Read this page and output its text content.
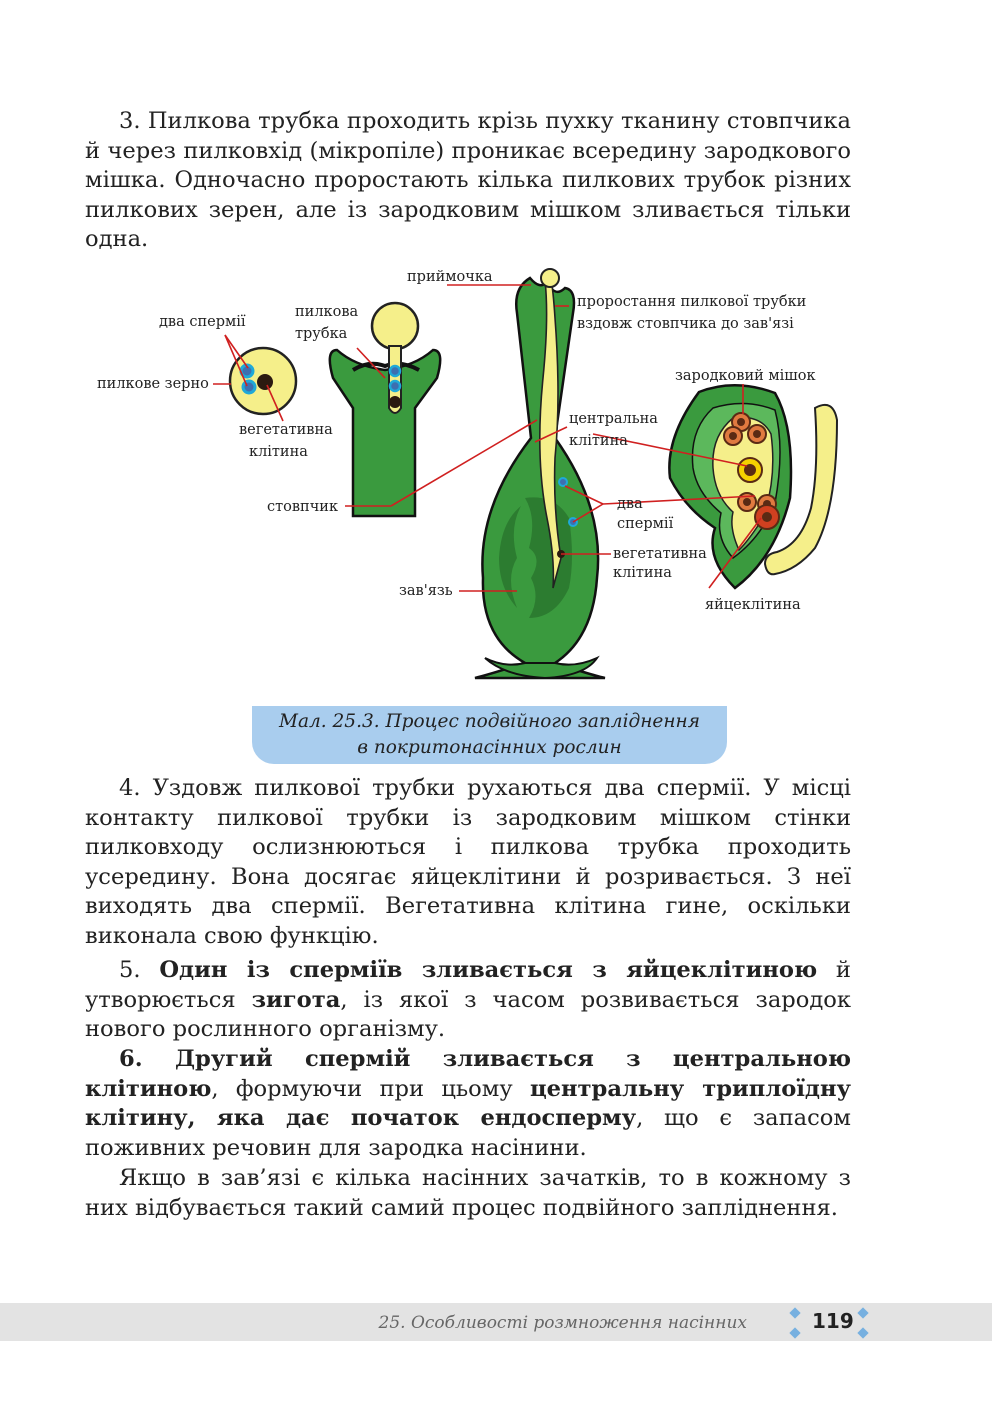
3. Пилкова трубка проходить крізь пухку тканину стовпчика й через пилковхід (мікропіле) проникає всередину зародкового мішка. Одночасно проростають кілька пилкових трубок різних пилкових зерен, але із зародковим мішком зливається тільки одна.

приймочка
проростання пилкової трубки
вздовж стовпчика до зав'язі
два спермії
пилкова
трубка
пилкове зерно
вегетативна
клітина
стовпчик
зародковий мішок
центральна
клітина
два
спермії
вегетативна
клітина
зав'язь
яйцеклітина
Мал. 25.3. Процес подвійного запліднення
в покритонасінних рослин

4. Уздовж пилкової трубки рухаються два спермії. У місці контакту пилкової трубки із зародковим мішком стінки пилковходу ослизнюються і пилкова трубка проходить усередину. Вона досягає яйцеклітини й розривається. З неї виходять два спермії. Вегетативна клітина гине, оскільки виконала свою функцію.

5. Один із сперміїв зливається з яйцеклітиною й утворюється зигота, із якої з часом розвивається зародок нового рослинного організму.

6. Другий спермій зливається з центральною клітиною, формуючи при цьому центральну триплоїдну клітину, яка дає початок ендосперму, що є запасом поживних речовин для зародка насінини.

Якщо в зав’язі є кілька насінних зачатків, то в кожному з них відбувається такий самий процес подвійного запліднення.

25. Особливості розмноження насінних	119
